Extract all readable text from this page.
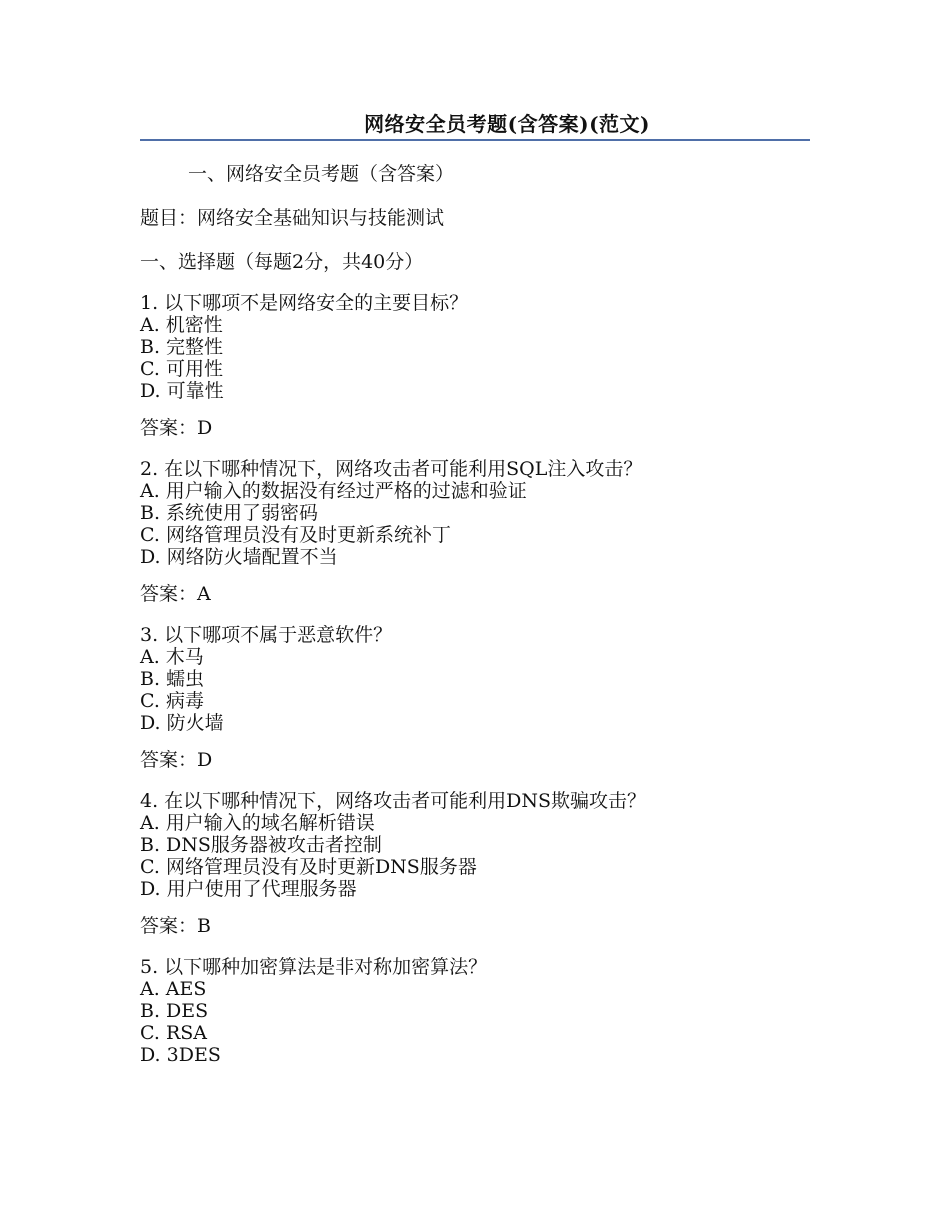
网络安全员考题(含答案)(范文)
一、网络安全员考题（含答案）
题目：网络安全基础知识与技能测试
一、选择题（每题2分，共40分）
1. 以下哪项不是网络安全的主要目标？
A. 机密性
B. 完整性
C. 可用性
D. 可靠性
答案：D
2. 在以下哪种情况下，网络攻击者可能利用SQL注入攻击？
A. 用户输入的数据没有经过严格的过滤和验证
B. 系统使用了弱密码
C. 网络管理员没有及时更新系统补丁
D. 网络防火墙配置不当
答案：A
3. 以下哪项不属于恶意软件？
A. 木马
B. 蠕虫
C. 病毒
D. 防火墙
答案：D
4. 在以下哪种情况下，网络攻击者可能利用DNS欺骗攻击？
A. 用户输入的域名解析错误
B. DNS服务器被攻击者控制
C. 网络管理员没有及时更新DNS服务器
D. 用户使用了代理服务器
答案：B
5. 以下哪种加密算法是非对称加密算法？
A. AES
B. DES
C. RSA
D. 3DES
